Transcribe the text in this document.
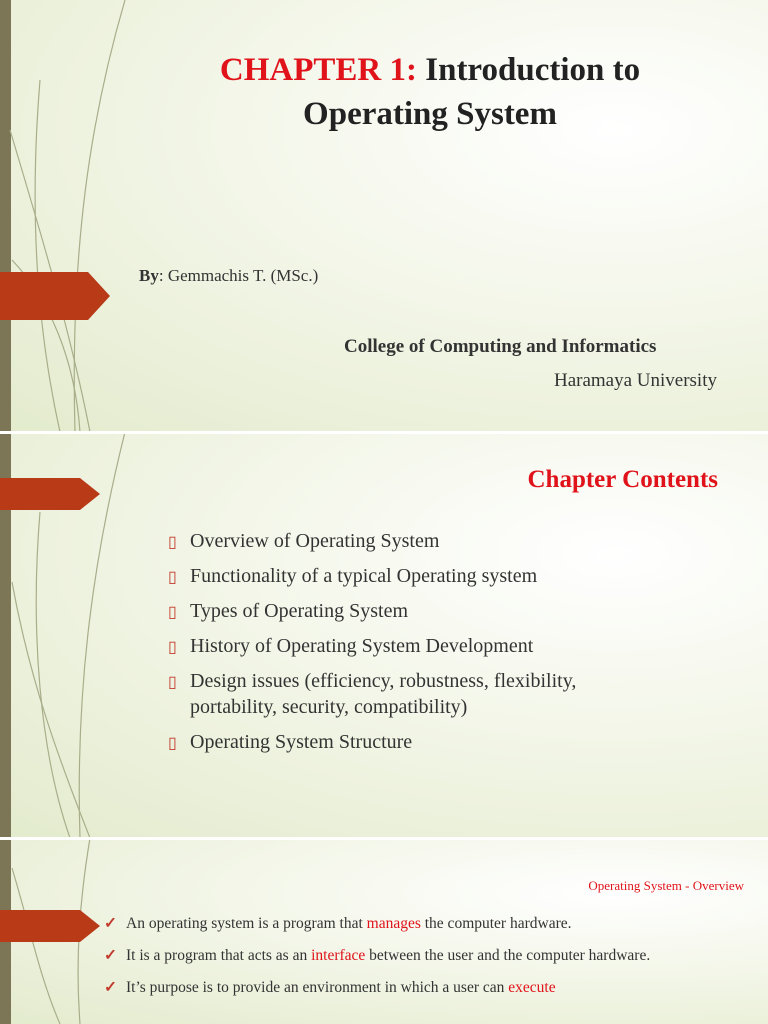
CHAPTER 1: Introduction to
Operating System
By: Gemmachis T. (MSc.)
College of Computing and Informatics
Haramaya University
Chapter Contents
▯ Overview of Operating System
▯ Functionality of a typical Operating system
▯ Types of Operating System
▯ History of Operating System Development
▯ Design issues (efficiency, robustness, flexibility, portability, security, compatibility)
▯ Operating System Structure
Operating System - Overview
✓ An operating system is a program that manages the computer hardware.
✓ It is a program that acts as an interface between the user and the computer hardware.
✓ It’s purpose is to provide an environment in which a user can execute
